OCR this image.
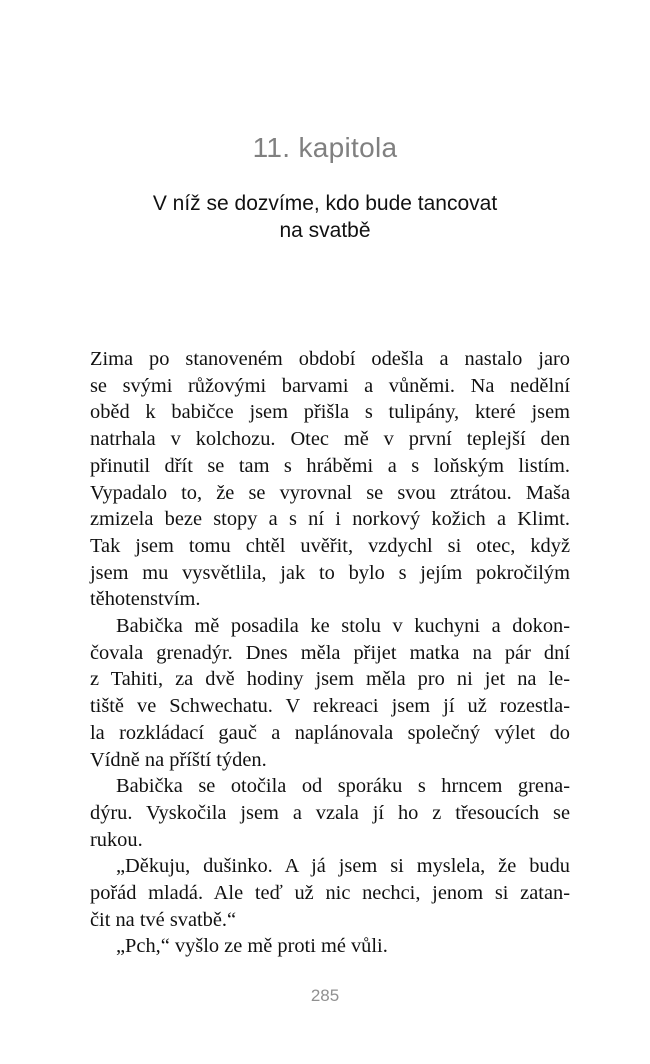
11. kapitola
V níž se dozvíme, kdo bude tancovat
na svatbě
Zima po stanoveném období odešla a nastalo jaro
se svými růžovými barvami a vůněmi. Na nedělní
oběd k babičce jsem přišla s tulipány, které jsem
natrhala v kolchozu. Otec mě v první teplejší den
přinutil dřít se tam s hráběmi a s loňským listím.
Vypadalo to, že se vyrovnal se svou ztrátou. Maša
zmizela beze stopy a s ní i norkový kožich a Klimt.
Tak jsem tomu chtěl uvěřit, vzdychl si otec, když
jsem mu vysvětlila, jak to bylo s jejím pokročilým
těhotenstvím.
Babička mě posadila ke stolu v kuchyni a dokon-
čovala grenadýr. Dnes měla přijet matka na pár dní
z Tahiti, za dvě hodiny jsem měla pro ni jet na le-
tiště ve Schwechatu. V rekreaci jsem jí už rozestla-
la rozkládací gauč a naplánovala společný výlet do
Vídně na příští týden.
Babička se otočila od sporáku s hrncem grena-
dýru. Vyskočila jsem a vzala jí ho z třesoucích se
rukou.
„Děkuju, dušinko. A já jsem si myslela, že budu
pořád mladá. Ale teď už nic nechci, jenom si zatan-
čit na tvé svatbě.“
„Pch,“ vyšlo ze mě proti mé vůli.
285
